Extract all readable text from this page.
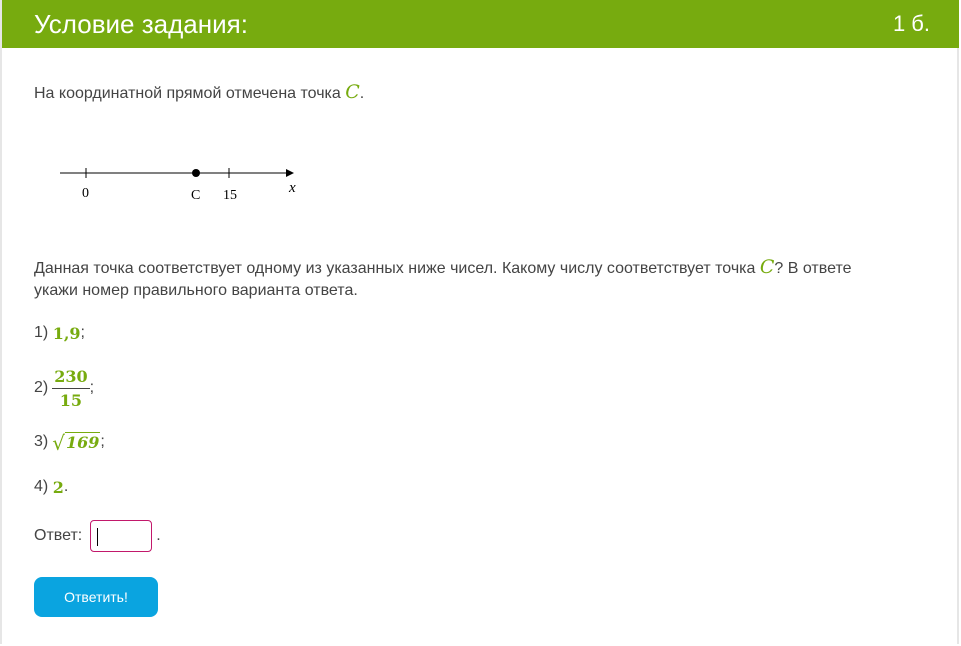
Условие задания:	1 б.
На координатной прямой отмечена точка C.
0	C 15	x
Данная точка соответствует одному из указанных ниже чисел. Какому числу соответствует точка C? В ответе
укажи номер правильного варианта ответа.
1)
1,9 ;
$2) \frac{230}{15}$ ;
3) √ 169 ;
4)
2 .
Ответ:	.
Ответить!
